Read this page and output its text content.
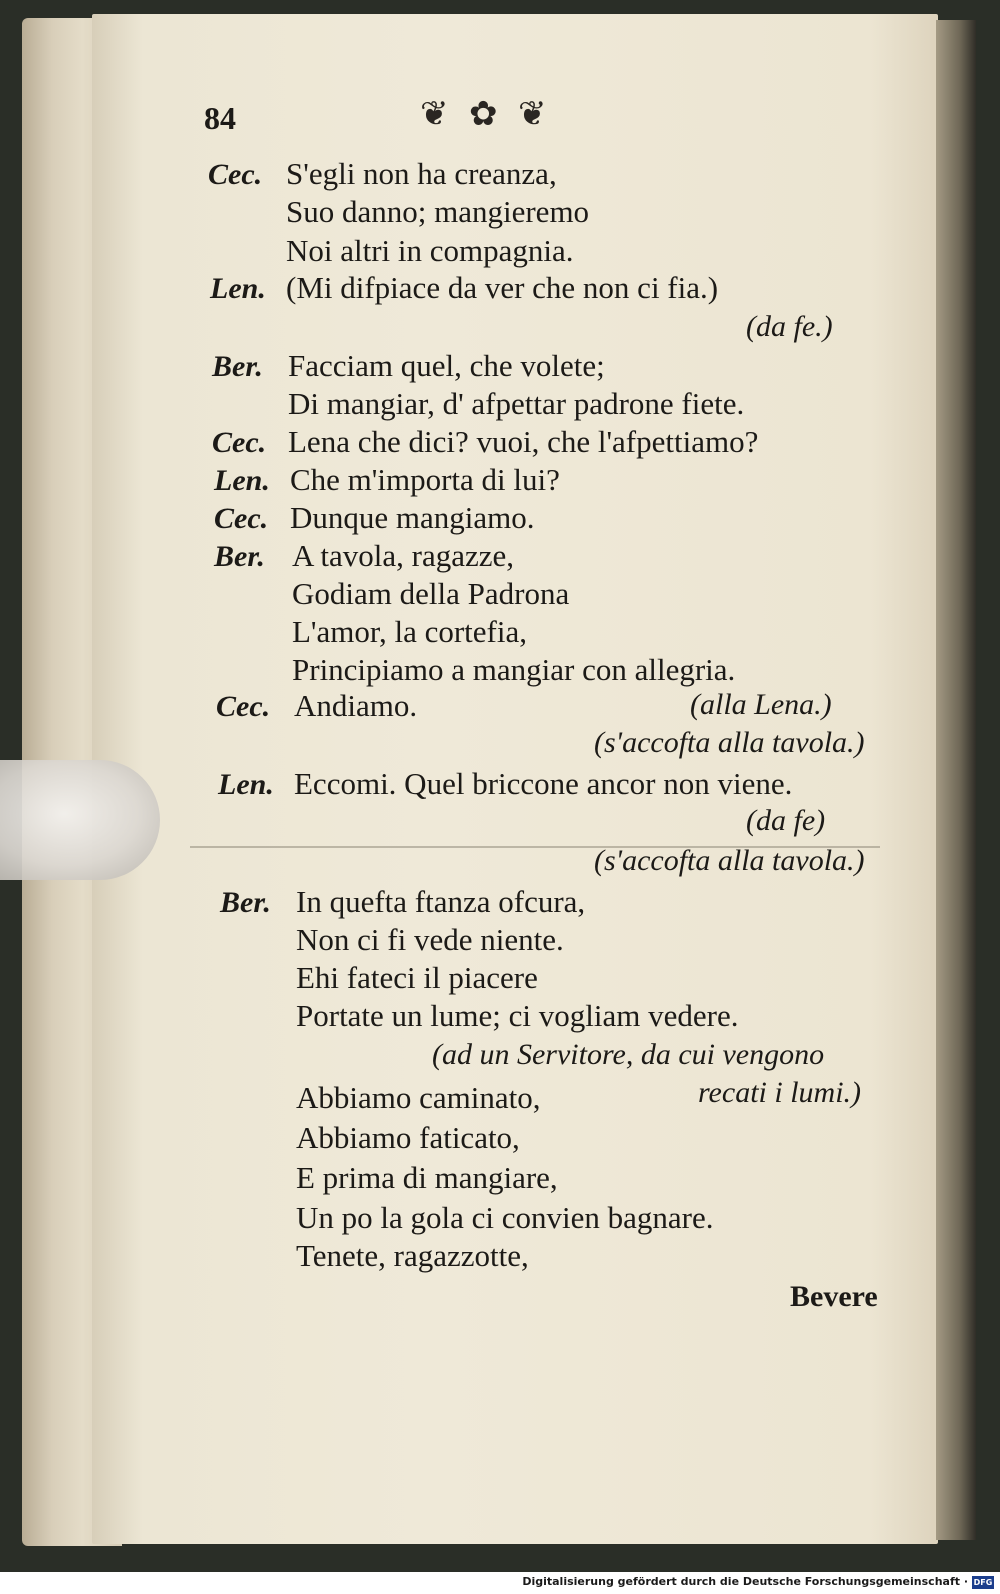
84	❦ ✿ ❦
Cec. S'egli non ha creanza,
Suo danno; mangieremo
Noi altri in compagnia.
Len. (Mi difpiace da ver che non ci fia.)
(da fe.)
Ber. Facciam quel, che volete;
Di mangiar, d' afpettar padrone fiete.
Cec. Lena che dici? vuoi, che l'afpettiamo?
Len. Che m'importa di lui?
Cec. Dunque mangiamo.
Ber. A tavola, ragazze,
Godiam della Padrona
L'amor, la cortefia,
Principiamo a mangiar con allegria.
Cec. Andiamo.	(alla Lena.)
(s'accofta alla tavola.)
Len. Eccomi. Quel briccone ancor non viene.
(da fe)
(s'accofta alla tavola.)
Ber. In quefta ftanza ofcura,
Non ci fi vede niente.
Ehi fateci il piacere
Portate un lume; ci vogliam vedere.
(ad un Servitore, da cui vengono
Abbiamo caminato,	recati i lumi.)
Abbiamo faticato,
E prima di mangiare,
Un po la gola ci convien bagnare.
Tenete, ragazzotte,
Bevere
Digitalisierung gefördert durch die Deutsche Forschungsgemeinschaft · DFG
